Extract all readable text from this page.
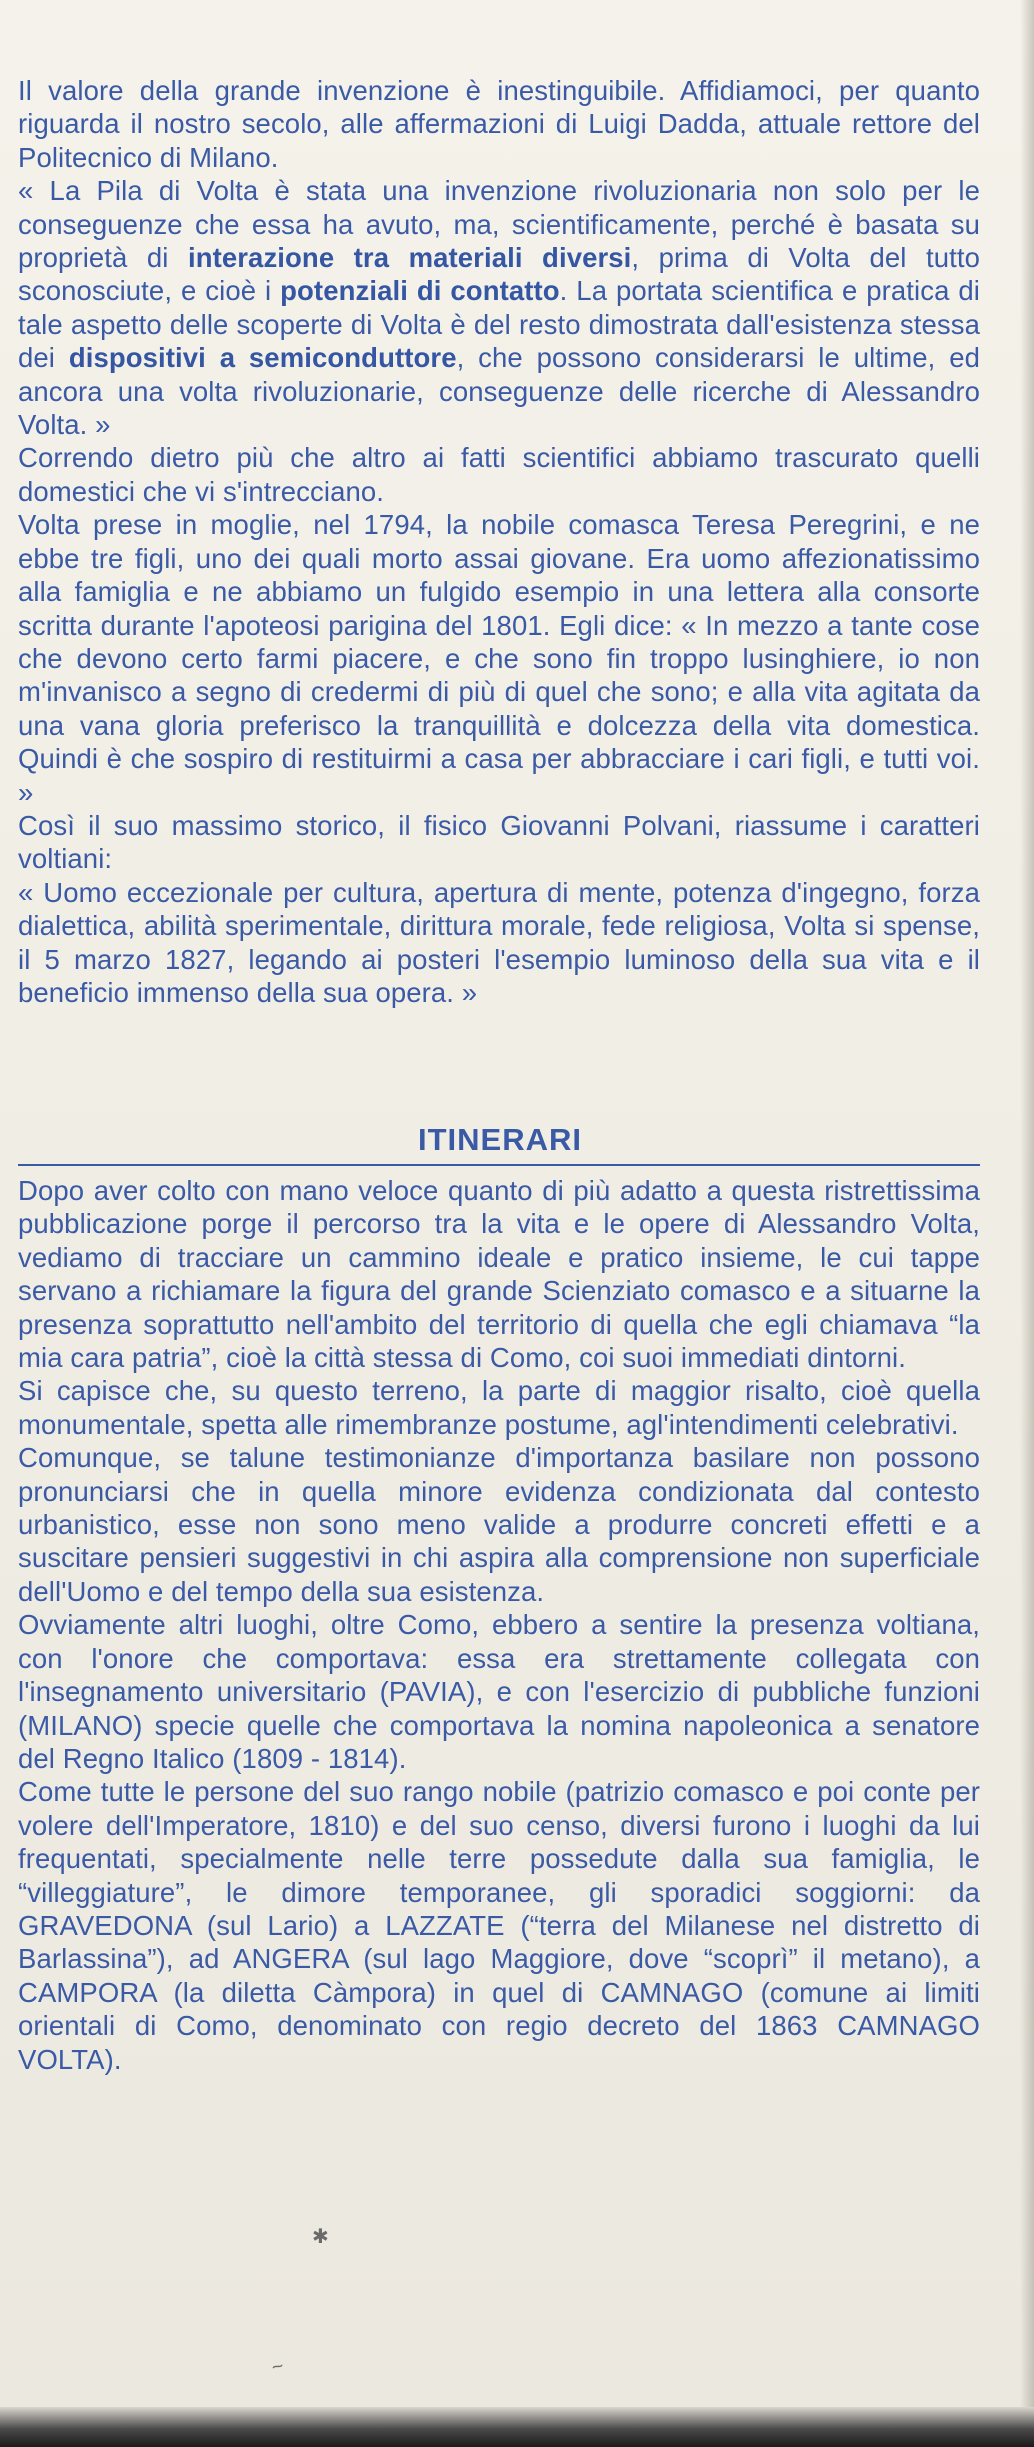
Il valore della grande invenzione è inestinguibile. Affidiamoci, per quanto riguarda il nostro secolo, alle affermazioni di Luigi Dadda, attuale rettore del Politecnico di Milano.

« La Pila di Volta è stata una invenzione rivoluzionaria non solo per le conseguenze che essa ha avuto, ma, scientificamente, perché è basata su proprietà di interazione tra materiali diversi, prima di Volta del tutto sconosciute, e cioè i potenziali di contatto. La portata scientifica e pratica di tale aspetto delle scoperte di Volta è del resto dimostrata dall'esistenza stessa dei dispositivi a semiconduttore, che possono considerarsi le ultime, ed ancora una volta rivoluzionarie, conseguenze delle ricerche di Alessandro Volta. »

Correndo dietro più che altro ai fatti scientifici abbiamo trascurato quelli domestici che vi s'intrecciano.

Volta prese in moglie, nel 1794, la nobile comasca Teresa Peregrini, e ne ebbe tre figli, uno dei quali morto assai giovane. Era uomo affezionatissimo alla famiglia e ne abbiamo un fulgido esempio in una lettera alla consorte scritta durante l'apoteosi parigina del 1801. Egli dice: « In mezzo a tante cose che devono certo farmi piacere, e che sono fin troppo lusinghiere, io non m'invanisco a segno di credermi di più di quel che sono; e alla vita agitata da una vana gloria preferisco la tranquillità e dolcezza della vita domestica. Quindi è che sospiro di restituirmi a casa per abbracciare i cari figli, e tutti voi. »

Così il suo massimo storico, il fisico Giovanni Polvani, riassume i caratteri voltiani:

« Uomo eccezionale per cultura, apertura di mente, potenza d'ingegno, forza dialettica, abilità sperimentale, dirittura morale, fede religiosa, Volta si spense, il 5 marzo 1827, legando ai posteri l'esempio luminoso della sua vita e il beneficio immenso della sua opera. »

ITINERARI

Dopo aver colto con mano veloce quanto di più adatto a questa ristrettissima pubblicazione porge il percorso tra la vita e le opere di Alessandro Volta, vediamo di tracciare un cammino ideale e pratico insieme, le cui tappe servano a richiamare la figura del grande Scienziato comasco e a situarne la presenza soprattutto nell'ambito del territorio di quella che egli chiamava “la mia cara patria”, cioè la città stessa di Como, coi suoi immediati dintorni.

Si capisce che, su questo terreno, la parte di maggior risalto, cioè quella monumentale, spetta alle rimembranze postume, agl'intendimenti celebrativi.

Comunque, se talune testimonianze d'importanza basilare non possono pronunciarsi che in quella minore evidenza condizionata dal contesto urbanistico, esse non sono meno valide a produrre concreti effetti e a suscitare pensieri suggestivi in chi aspira alla comprensione non superficiale dell'Uomo e del tempo della sua esistenza.

Ovviamente altri luoghi, oltre Como, ebbero a sentire la presenza voltiana, con l'onore che comportava: essa era strettamente collegata con l'insegnamento universitario (PAVIA), e con l'esercizio di pubbliche funzioni (MILANO) specie quelle che comportava la nomina napoleonica a senatore del Regno Italico (1809 - 1814).

Come tutte le persone del suo rango nobile (patrizio comasco e poi conte per volere dell'Imperatore, 1810) e del suo censo, diversi furono i luoghi da lui frequentati, specialmente nelle terre possedute dalla sua famiglia, le “villeggiature”, le dimore temporanee, gli sporadici soggiorni: da GRAVEDONA (sul Lario) a LAZZATE (“terra del Milanese nel distretto di Barlassina”), ad ANGERA (sul lago Maggiore, dove “scoprì” il metano), a CAMPORA (la diletta Càmpora) in quel di CAMNAGO (comune ai limiti orientali di Como, denominato con regio decreto del 1863 CAMNAGO VOLTA).

✱
~
